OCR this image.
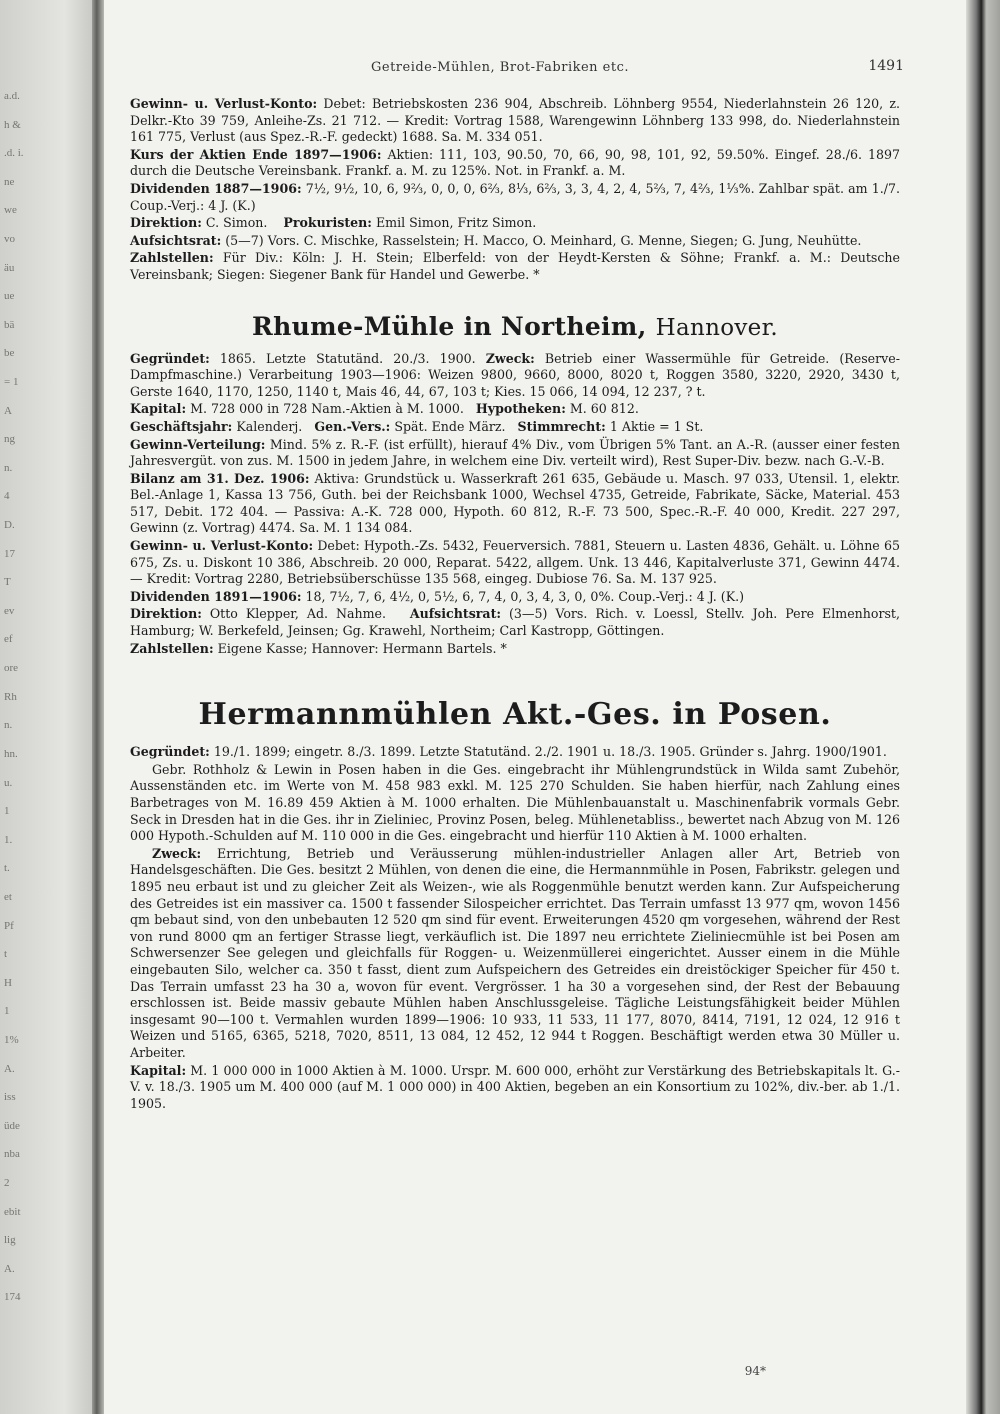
a.d.
h &
.d. i.
ne
we
vo
äu
ue
bä
be
= 1
A
ng
n.
4
D.
17
T
ev
ef
ore
Rh
n.
hn.
u.
1
1.
t.
et
Pf
t
H
1
1%
A.
iss
üde
nba
2
ebit
lig
A.
174
Getreide-Mühlen, Brot-Fabriken etc.	1491

Gewinn- u. Verlust-Konto: Debet: Betriebskosten 236 904, Abschreib. Löhnberg 9554, Niederlahnstein 26 120, z. Delkr.-Kto 39 759, Anleihe-Zs. 21 712. — Kredit: Vortrag 1588, Warengewinn Löhnberg 133 998, do. Niederlahnstein 161 775, Verlust (aus Spez.-R.-F. gedeckt) 1688. Sa. M. 334 051.

Kurs der Aktien Ende 1897—1906: Aktien: 111, 103, 90.50, 70, 66, 90, 98, 101, 92, 59.50%. Eingef. 28./6. 1897 durch die Deutsche Vereinsbank. Frankf. a. M. zu 125%. Not. in Frankf. a. M.

Dividenden 1887—1906: 7½, 9½, 10, 6, 9⅔, 0, 0, 0, 6⅔, 8⅓, 6⅔, 3, 3, 4, 2, 4, 5⅔, 7, 4⅔, 1⅓%. Zahlbar spät. am 1./7. Coup.-Verj.: 4 J. (K.)

Direktion: C. Simon. Prokuristen: Emil Simon, Fritz Simon.

Aufsichtsrat: (5—7) Vors. C. Mischke, Rasselstein; H. Macco, O. Meinhard, G. Menne, Siegen; G. Jung, Neuhütte.

Zahlstellen: Für Div.: Köln: J. H. Stein; Elberfeld: von der Heydt-Kersten & Söhne; Frankf. a. M.: Deutsche Vereinsbank; Siegen: Siegener Bank für Handel und Gewerbe. *

Rhume-Mühle in Northeim, Hannover.

Gegründet: 1865. Letzte Statutänd. 20./3. 1900. Zweck: Betrieb einer Wassermühle für Getreide. (Reserve-Dampfmaschine.) Verarbeitung 1903—1906: Weizen 9800, 9660, 8000, 8020 t, Roggen 3580, 3220, 2920, 3430 t, Gerste 1640, 1170, 1250, 1140 t, Mais 46, 44, 67, 103 t; Kies. 15 066, 14 094, 12 237, ? t.

Kapital: M. 728 000 in 728 Nam.-Aktien à M. 1000. Hypotheken: M. 60 812.

Geschäftsjahr: Kalenderj. Gen.-Vers.: Spät. Ende März. Stimmrecht: 1 Aktie = 1 St.

Gewinn-Verteilung: Mind. 5% z. R.-F. (ist erfüllt), hierauf 4% Div., vom Übrigen 5% Tant. an A.-R. (ausser einer festen Jahresvergüt. von zus. M. 1500 in jedem Jahre, in welchem eine Div. verteilt wird), Rest Super-Div. bezw. nach G.-V.-B.

Bilanz am 31. Dez. 1906: Aktiva: Grundstück u. Wasserkraft 261 635, Gebäude u. Masch. 97 033, Utensil. 1, elektr. Bel.-Anlage 1, Kassa 13 756, Guth. bei der Reichsbank 1000, Wechsel 4735, Getreide, Fabrikate, Säcke, Material. 453 517, Debit. 172 404. — Passiva: A.-K. 728 000, Hypoth. 60 812, R.-F. 73 500, Spec.-R.-F. 40 000, Kredit. 227 297, Gewinn (z. Vortrag) 4474. Sa. M. 1 134 084.

Gewinn- u. Verlust-Konto: Debet: Hypoth.-Zs. 5432, Feuerversich. 7881, Steuern u. Lasten 4836, Gehält. u. Löhne 65 675, Zs. u. Diskont 10 386, Abschreib. 20 000, Reparat. 5422, allgem. Unk. 13 446, Kapitalverluste 371, Gewinn 4474. — Kredit: Vortrag 2280, Betriebsüberschüsse 135 568, eingeg. Dubiose 76. Sa. M. 137 925.

Dividenden 1891—1906: 18, 7½, 7, 6, 4½, 0, 5½, 6, 7, 4, 0, 3, 4, 3, 0, 0%. Coup.-Verj.: 4 J. (K.)

Direktion: Otto Klepper, Ad. Nahme. Aufsichtsrat: (3—5) Vors. Rich. v. Loessl, Stellv. Joh. Pere Elmenhorst, Hamburg; W. Berkefeld, Jeinsen; Gg. Krawehl, Northeim; Carl Kastropp, Göttingen.

Zahlstellen: Eigene Kasse; Hannover: Hermann Bartels. *

Hermannmühlen Akt.-Ges. in Posen.

Gegründet: 19./1. 1899; eingetr. 8./3. 1899. Letzte Statutänd. 2./2. 1901 u. 18./3. 1905. Gründer s. Jahrg. 1900/1901.

Gebr. Rothholz & Lewin in Posen haben in die Ges. eingebracht ihr Mühlengrundstück in Wilda samt Zubehör, Aussenständen etc. im Werte von M. 458 983 exkl. M. 125 270 Schulden. Sie haben hierfür, nach Zahlung eines Barbetrages von M. 16.89 459 Aktien à M. 1000 erhalten. Die Mühlenbauanstalt u. Maschinenfabrik vormals Gebr. Seck in Dresden hat in die Ges. ihr in Zieliniec, Provinz Posen, beleg. Mühlenetabliss., bewertet nach Abzug von M. 126 000 Hypoth.-Schulden auf M. 110 000 in die Ges. eingebracht und hierfür 110 Aktien à M. 1000 erhalten.

Zweck: Errichtung, Betrieb und Veräusserung mühlen-industrieller Anlagen aller Art, Betrieb von Handelsgeschäften. Die Ges. besitzt 2 Mühlen, von denen die eine, die Hermannmühle in Posen, Fabrikstr. gelegen und 1895 neu erbaut ist und zu gleicher Zeit als Weizen-, wie als Roggenmühle benutzt werden kann. Zur Aufspeicherung des Getreides ist ein massiver ca. 1500 t fassender Silospeicher errichtet. Das Terrain umfasst 13 977 qm, wovon 1456 qm bebaut sind, von den unbebauten 12 520 qm sind für event. Erweiterungen 4520 qm vorgesehen, während der Rest von rund 8000 qm an fertiger Strasse liegt, verkäuflich ist. Die 1897 neu errichtete Zieliniecmühle ist bei Posen am Schwersenzer See gelegen und gleichfalls für Roggen- u. Weizenmüllerei eingerichtet. Ausser einem in die Mühle eingebauten Silo, welcher ca. 350 t fasst, dient zum Aufspeichern des Getreides ein dreistöckiger Speicher für 450 t. Das Terrain umfasst 23 ha 30 a, wovon für event. Vergrösser. 1 ha 30 a vorgesehen sind, der Rest der Bebauung erschlossen ist. Beide massiv gebaute Mühlen haben Anschlussgeleise. Tägliche Leistungsfähigkeit beider Mühlen insgesamt 90—100 t. Vermahlen wurden 1899—1906: 10 933, 11 533, 11 177, 8070, 8414, 7191, 12 024, 12 916 t Weizen und 5165, 6365, 5218, 7020, 8511, 13 084, 12 452, 12 944 t Roggen. Beschäftigt werden etwa 30 Müller u. Arbeiter.

Kapital: M. 1 000 000 in 1000 Aktien à M. 1000. Urspr. M. 600 000, erhöht zur Verstärkung des Betriebskapitals lt. G.-V. v. 18./3. 1905 um M. 400 000 (auf M. 1 000 000) in 400 Aktien, begeben an ein Konsortium zu 102%, div.-ber. ab 1./1. 1905.

94*
